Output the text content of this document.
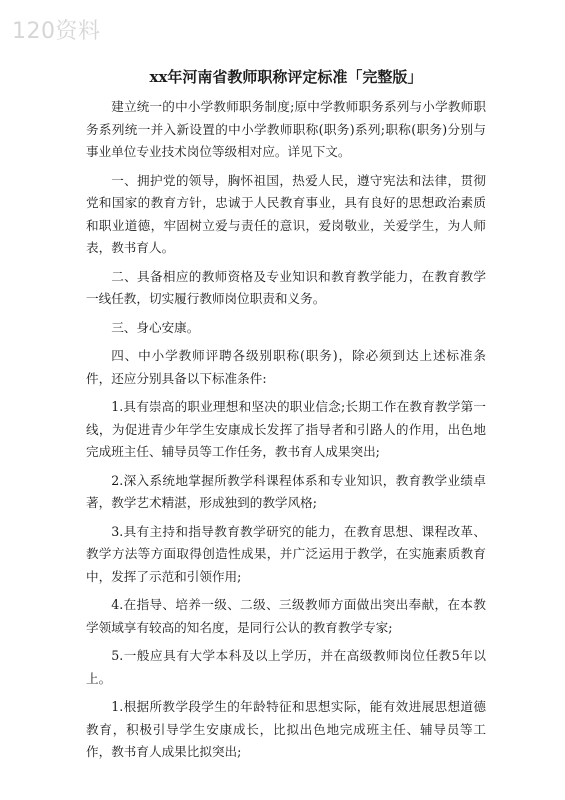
120资料
xx年河南省教师职称评定标准「完整版」

建立统一的中小学教师职务制度;原中学教师职务系列与小学教师职务系列统一并入新设置的中小学教师职称(职务)系列;职称(职务)分别与事业单位专业技术岗位等级相对应。详见下文。

一、拥护党的领导，胸怀祖国，热爱人民，遵守宪法和法律，贯彻党和国家的教育方针，忠诚于人民教育事业，具有良好的思想政治素质和职业道德，牢固树立爱与责任的意识，爱岗敬业，关爱学生，为人师表，教书育人。

二、具备相应的教师资格及专业知识和教育教学能力，在教育教学一线任教，切实履行教师岗位职责和义务。

三、身心安康。

四、中小学教师评聘各级别职称(职务)，除必须到达上述标准条件，还应分别具备以下标准条件:

1.具有崇高的职业理想和坚决的职业信念;长期工作在教育教学第一线，为促进青少年学生安康成长发挥了指导者和引路人的作用，出色地完成班主任、辅导员等工作任务，教书育人成果突出;

2.深入系统地掌握所教学科课程体系和专业知识，教育教学业绩卓著，教学艺术精湛，形成独到的教学风格;

3.具有主持和指导教育教学研究的能力，在教育思想、课程改革、教学方法等方面取得创造性成果，并广泛运用于教学，在实施素质教育中，发挥了示范和引领作用;

4.在指导、培养一级、二级、三级教师方面做出突出奉献，在本教学领域享有较高的知名度，是同行公认的教育教学专家;

5.一般应具有大学本科及以上学历，并在高级教师岗位任教5年以上。

1.根据所教学段学生的年龄特征和思想实际，能有效进展思想道德教育，积极引导学生安康成长，比拟出色地完成班主任、辅导员等工作，教书育人成果比拟突出;
